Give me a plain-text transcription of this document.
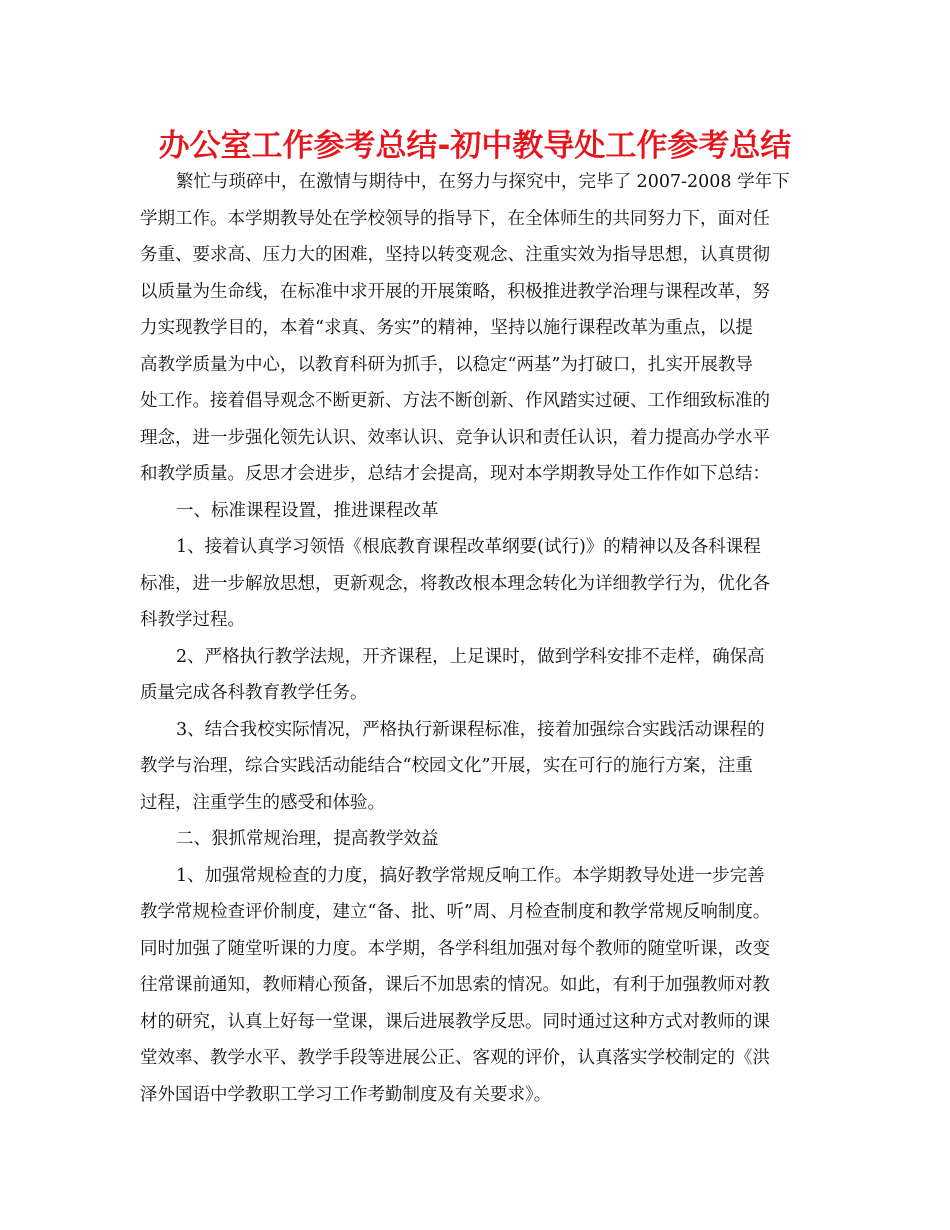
办公室工作参考总结-初中教导处工作参考总结
繁忙与琐碎中，在激情与期待中，在努力与探究中，完毕了 2007-2008 学年下
学期工作。本学期教导处在学校领导的指导下，在全体师生的共同努力下，面对任
务重、要求高、压力大的困难，坚持以转变观念、注重实效为指导思想，认真贯彻
以质量为生命线，在标准中求开展的开展策略，积极推进教学治理与课程改革，努
力实现教学目的，本着“求真、务实”的精神，坚持以施行课程改革为重点，以提
高教学质量为中心，以教育科研为抓手，以稳定“两基”为打破口，扎实开展教导
处工作。接着倡导观念不断更新、方法不断创新、作风踏实过硬、工作细致标准的
理念，进一步强化领先认识、效率认识、竞争认识和责任认识，着力提高办学水平
和教学质量。反思才会进步，总结才会提高，现对本学期教导处工作作如下总结：
一、标准课程设置，推进课程改革
1、接着认真学习领悟《根底教育课程改革纲要(试行)》的精神以及各科课程
标准，进一步解放思想，更新观念，将教改根本理念转化为详细教学行为，优化各
科教学过程。
2、严格执行教学法规，开齐课程，上足课时，做到学科安排不走样，确保高
质量完成各科教育教学任务。
3、结合我校实际情况，严格执行新课程标准，接着加强综合实践活动课程的
教学与治理，综合实践活动能结合“校园文化”开展，实在可行的施行方案，注重
过程，注重学生的感受和体验。
二、狠抓常规治理，提高教学效益
1、加强常规检查的力度，搞好教学常规反响工作。本学期教导处进一步完善
教学常规检查评价制度，建立“备、批、听”周、月检查制度和教学常规反响制度。
同时加强了随堂听课的力度。本学期，各学科组加强对每个教师的随堂听课，改变
往常课前通知，教师精心预备，课后不加思索的情况。如此，有利于加强教师对教
材的研究，认真上好每一堂课，课后进展教学反思。同时通过这种方式对教师的课
堂效率、教学水平、教学手段等进展公正、客观的评价，认真落实学校制定的《洪
泽外国语中学教职工学习工作考勤制度及有关要求》。
